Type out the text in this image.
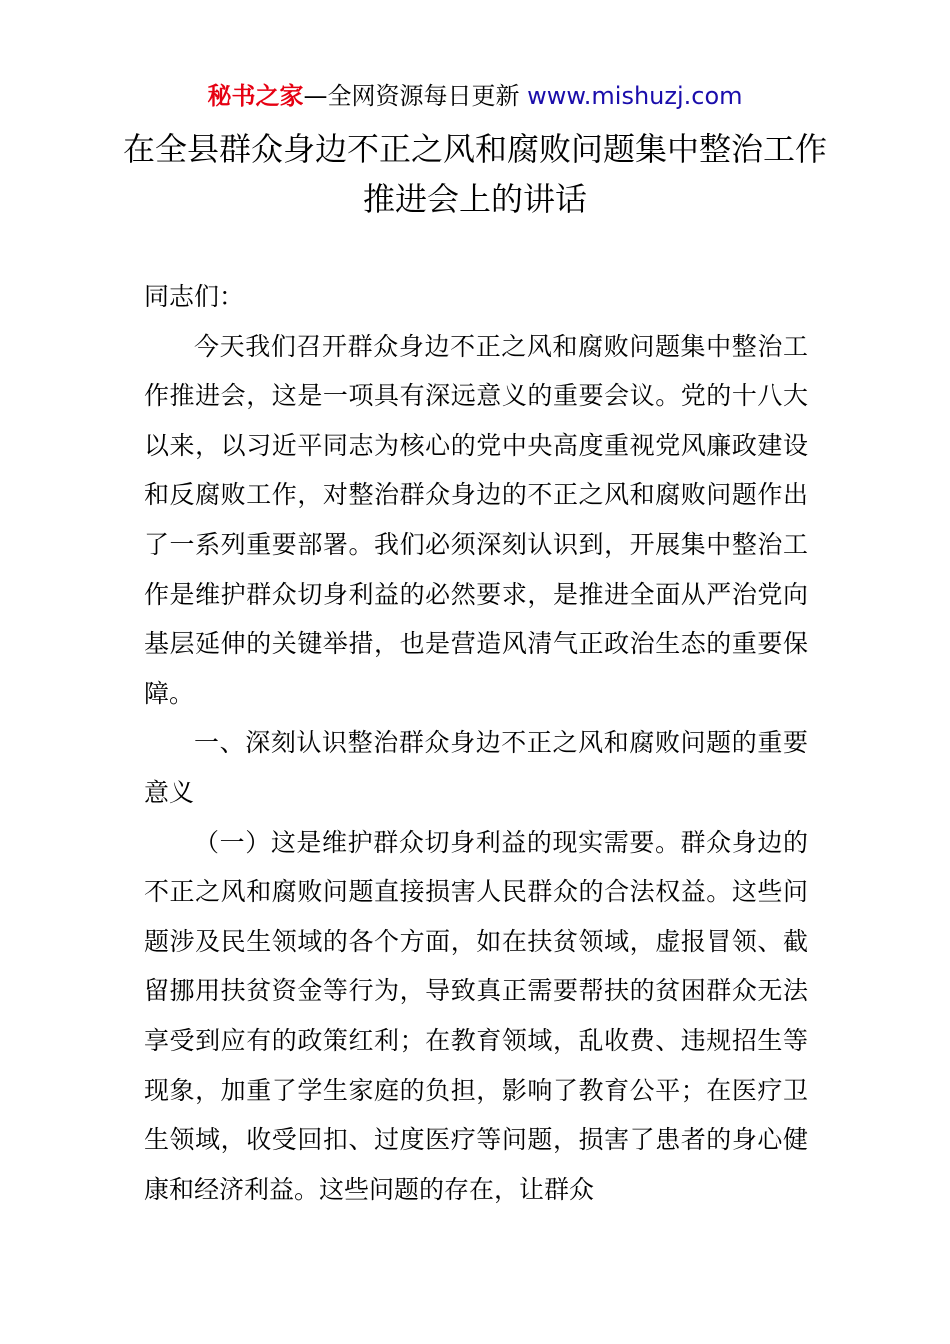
秘书之家—全网资源每日更新 www.mishuzj.com
在全县群众身边不正之风和腐败问题集中整治工作推进会上的讲话

同志们：

今天我们召开群众身边不正之风和腐败问题集中整治工作推进会，这是一项具有深远意义的重要会议。党的十八大以来，以习近平同志为核心的党中央高度重视党风廉政建设和反腐败工作，对整治群众身边的不正之风和腐败问题作出了一系列重要部署。我们必须深刻认识到，开展集中整治工作是维护群众切身利益的必然要求，是推进全面从严治党向基层延伸的关键举措，也是营造风清气正政治生态的重要保障。

一、深刻认识整治群众身边不正之风和腐败问题的重要意义

（一）这是维护群众切身利益的现实需要。群众身边的不正之风和腐败问题直接损害人民群众的合法权益。这些问题涉及民生领域的各个方面，如在扶贫领域，虚报冒领、截留挪用扶贫资金等行为，导致真正需要帮扶的贫困群众无法享受到应有的政策红利；在教育领域，乱收费、违规招生等现象，加重了学生家庭的负担，影响了教育公平；在医疗卫生领域，收受回扣、过度医疗等问题，损害了患者的身心健康和经济利益。这些问题的存在，让群众
